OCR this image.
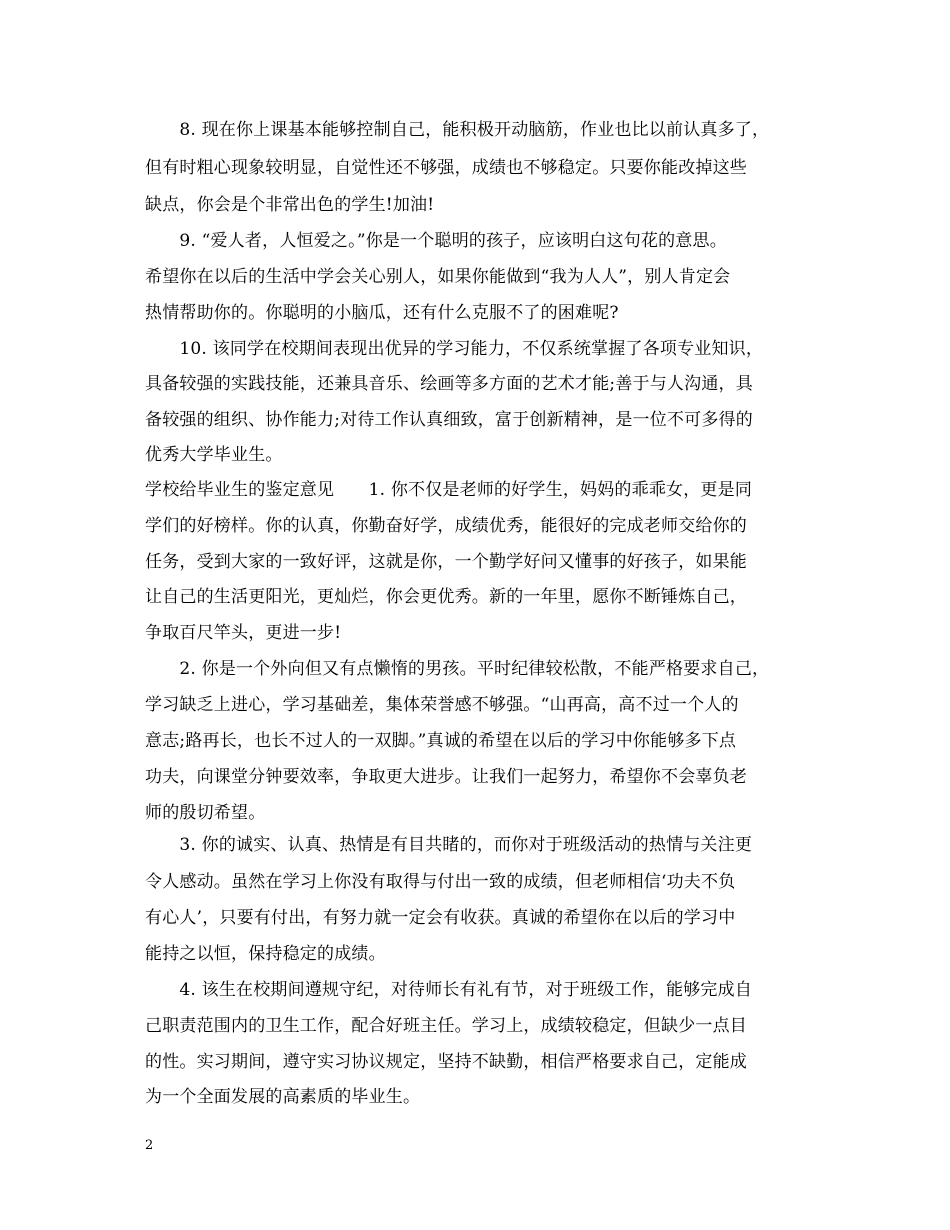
　　8. 现在你上课基本能够控制自己，能积极开动脑筋，作业也比以前认真多了，
但有时粗心现象较明显，自觉性还不够强，成绩也不够稳定。只要你能改掉这些
缺点，你会是个非常出色的学生!加油!
　　9. “爱人者，人恒爱之。”你是一个聪明的孩子，应该明白这句花的意思。
希望你在以后的生活中学会关心别人，如果你能做到“我为人人”，别人肯定会
热情帮助你的。你聪明的小脑瓜，还有什么克服不了的困难呢?
　　10. 该同学在校期间表现出优异的学习能力，不仅系统掌握了各项专业知识，
具备较强的实践技能，还兼具音乐、绘画等多方面的艺术才能;善于与人沟通，具
备较强的组织、协作能力;对待工作认真细致，富于创新精神，是一位不可多得的
优秀大学毕业生。
学校给毕业生的鉴定意见　　1. 你不仅是老师的好学生，妈妈的乖乖女，更是同
学们的好榜样。你的认真，你勤奋好学，成绩优秀，能很好的完成老师交给你的
任务，受到大家的一致好评，这就是你，一个勤学好问又懂事的好孩子，如果能
让自己的生活更阳光，更灿烂，你会更优秀。新的一年里，愿你不断锤炼自己，
争取百尺竿头，更进一步!
　　2. 你是一个外向但又有点懒惰的男孩。平时纪律较松散，不能严格要求自己，
学习缺乏上进心，学习基础差，集体荣誉感不够强。“山再高，高不过一个人的
意志;路再长，也长不过人的一双脚。”真诚的希望在以后的学习中你能够多下点
功夫，向课堂分钟要效率，争取更大进步。让我们一起努力，希望你不会辜负老
师的殷切希望。
　　3. 你的诚实、认真、热情是有目共睹的，而你对于班级活动的热情与关注更
令人感动。虽然在学习上你没有取得与付出一致的成绩，但老师相信‘功夫不负
有心人’，只要有付出，有努力就一定会有收获。真诚的希望你在以后的学习中
能持之以恒，保持稳定的成绩。
　　4. 该生在校期间遵规守纪，对待师长有礼有节，对于班级工作，能够完成自
己职责范围内的卫生工作，配合好班主任。学习上，成绩较稳定，但缺少一点目
的性。实习期间，遵守实习协议规定，坚持不缺勤，相信严格要求自己，定能成
为一个全面发展的高素质的毕业生。
2
